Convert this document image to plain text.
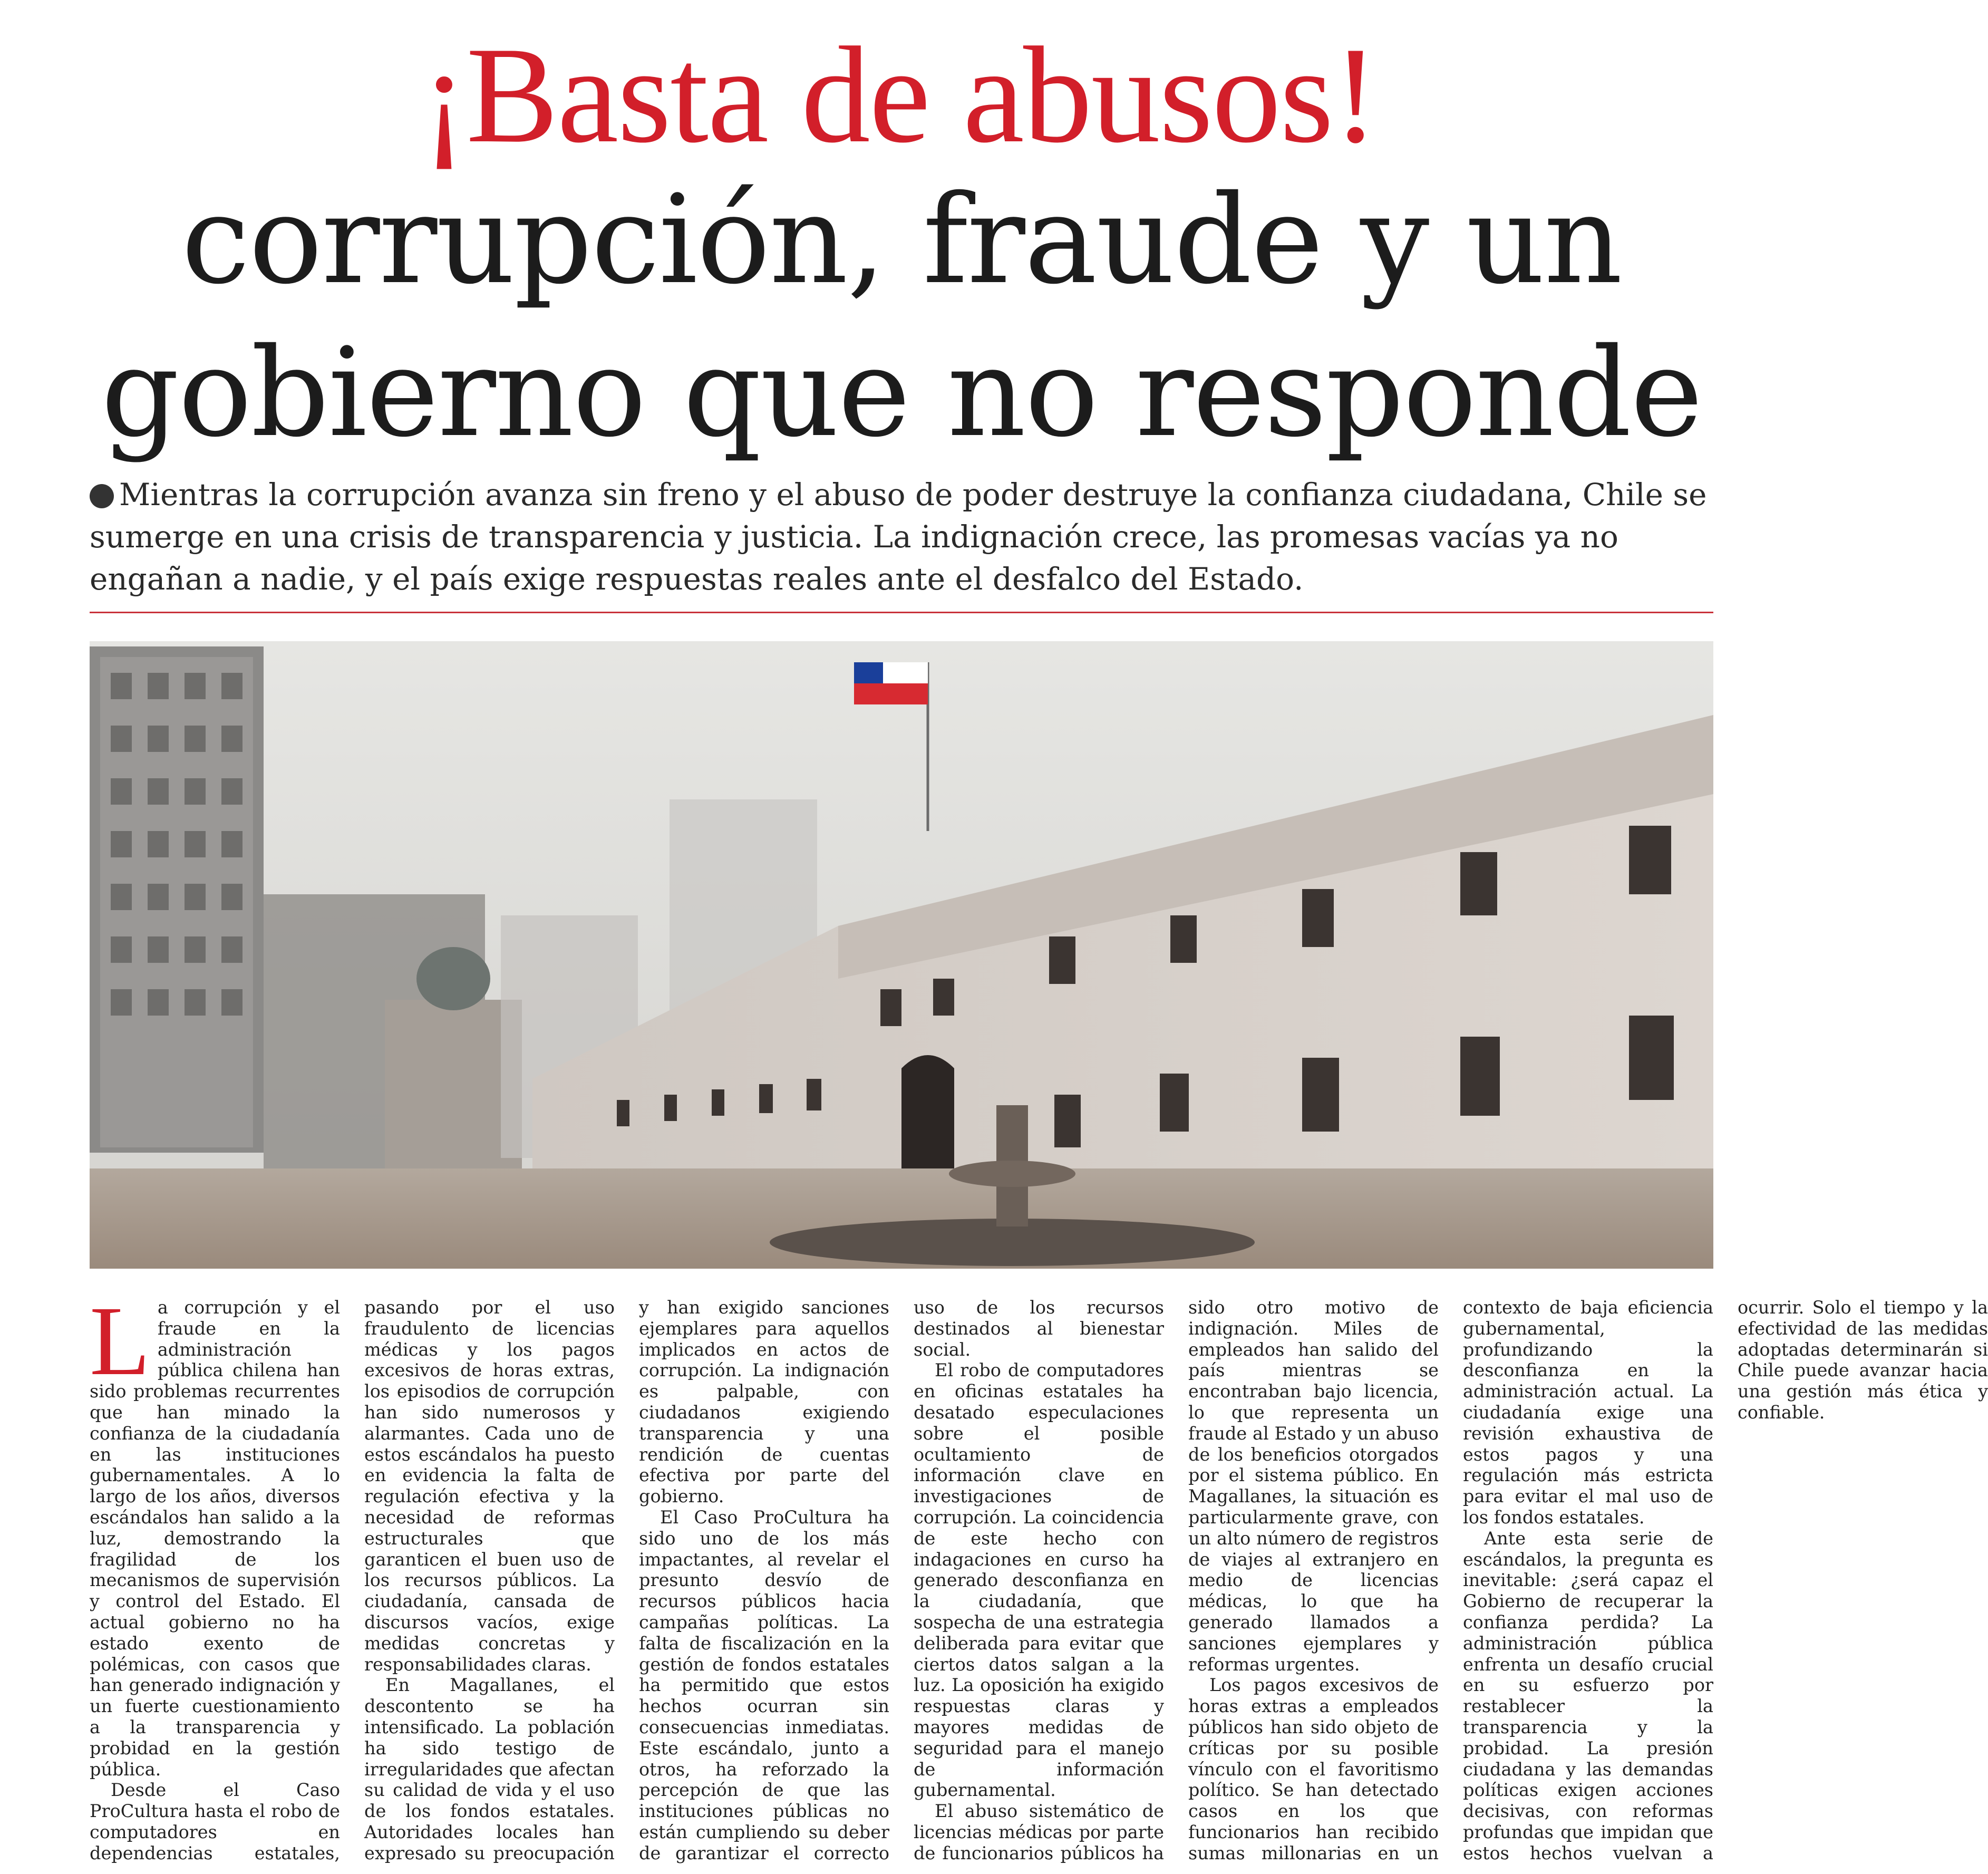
¡Basta de abusos!
corrupción, fraude y un
gobierno que no responde
Mientras la corrupción avanza sin freno y el abuso de poder destruye la confianza ciudadana, Chile se sumerge en una crisis de transparencia y justicia. La indignación crece, las promesas vacías ya no engañan a nadie, y el país exige respuestas reales ante el desfalco del Estado.

La corrupción y el fraude en la administración pública chilena han sido problemas recurrentes que han minado la confianza de la ciudadanía en las instituciones gubernamentales. A lo largo de los años, diversos escándalos han salido a la luz, demostrando la fragilidad de los mecanismos de supervisión y control del Estado. El actual gobierno no ha estado exento de polémicas, con casos que han generado indignación y un fuerte cuestionamiento a la transparencia y probidad en la gestión pública.

Desde el Caso ProCultura hasta el robo de computadores en dependencias estatales, pasando por el uso fraudulento de licencias médicas y los pagos excesivos de horas extras, los episodios de corrupción han sido numerosos y alarmantes. Cada uno de estos escándalos ha puesto en evidencia la falta de regulación efectiva y la necesidad de reformas estructurales que garanticen el buen uso de los recursos públicos. La ciudadanía, cansada de discursos vacíos, exige medidas concretas y responsabilidades claras.

En Magallanes, el descontento se ha intensificado. La población ha sido testigo de irregularidades que afectan su calidad de vida y el uso de los fondos estatales. Autoridades locales han expresado su preocupación y han exigido sanciones ejemplares para aquellos implicados en actos de corrupción. La indignación es palpable, con ciudadanos exigiendo transparencia y una rendición de cuentas efectiva por parte del gobierno.

El Caso ProCultura ha sido uno de los más impactantes, al revelar el presunto desvío de recursos públicos hacia campañas políticas. La falta de fiscalización en la gestión de fondos estatales ha permitido que estos hechos ocurran sin consecuencias inmediatas. Este escándalo, junto a otros, ha reforzado la percepción de que las instituciones públicas no están cumpliendo su deber de garantizar el correcto uso de los recursos destinados al bienestar social.

El robo de computadores en oficinas estatales ha desatado especulaciones sobre el posible ocultamiento de información clave en investigaciones de corrupción. La coincidencia de este hecho con indagaciones en curso ha generado desconfianza en la ciudadanía, que sospecha de una estrategia deliberada para evitar que ciertos datos salgan a la luz. La oposición ha exigido respuestas claras y mayores medidas de seguridad para el manejo de información gubernamental.

El abuso sistemático de licencias médicas por parte de funcionarios públicos ha sido otro motivo de indignación. Miles de empleados han salido del país mientras se encontraban bajo licencia, lo que representa un fraude al Estado y un abuso de los beneficios otorgados por el sistema público. En Magallanes, la situación es particularmente grave, con un alto número de registros de viajes al extranjero en medio de licencias médicas, lo que ha generado llamados a sanciones ejemplares y reformas urgentes.

Los pagos excesivos de horas extras a empleados públicos han sido objeto de críticas por su posible vínculo con el favoritismo político. Se han detectado casos en los que funcionarios han recibido sumas millonarias en un contexto de baja eficiencia gubernamental, profundizando la desconfianza en la administración actual. La ciudadanía exige una revisión exhaustiva de estos pagos y una regulación más estricta para evitar el mal uso de los fondos estatales.

Ante esta serie de escándalos, la pregunta es inevitable: ¿será capaz el Gobierno de recuperar la confianza perdida? La administración pública enfrenta un desafío crucial en su esfuerzo por restablecer la transparencia y la probidad. La presión ciudadana y las demandas políticas exigen acciones decisivas, con reformas profundas que impidan que estos hechos vuelvan a ocurrir. Solo el tiempo y la efectividad de las medidas adoptadas determinarán si Chile puede avanzar hacia una gestión más ética y confiable.
